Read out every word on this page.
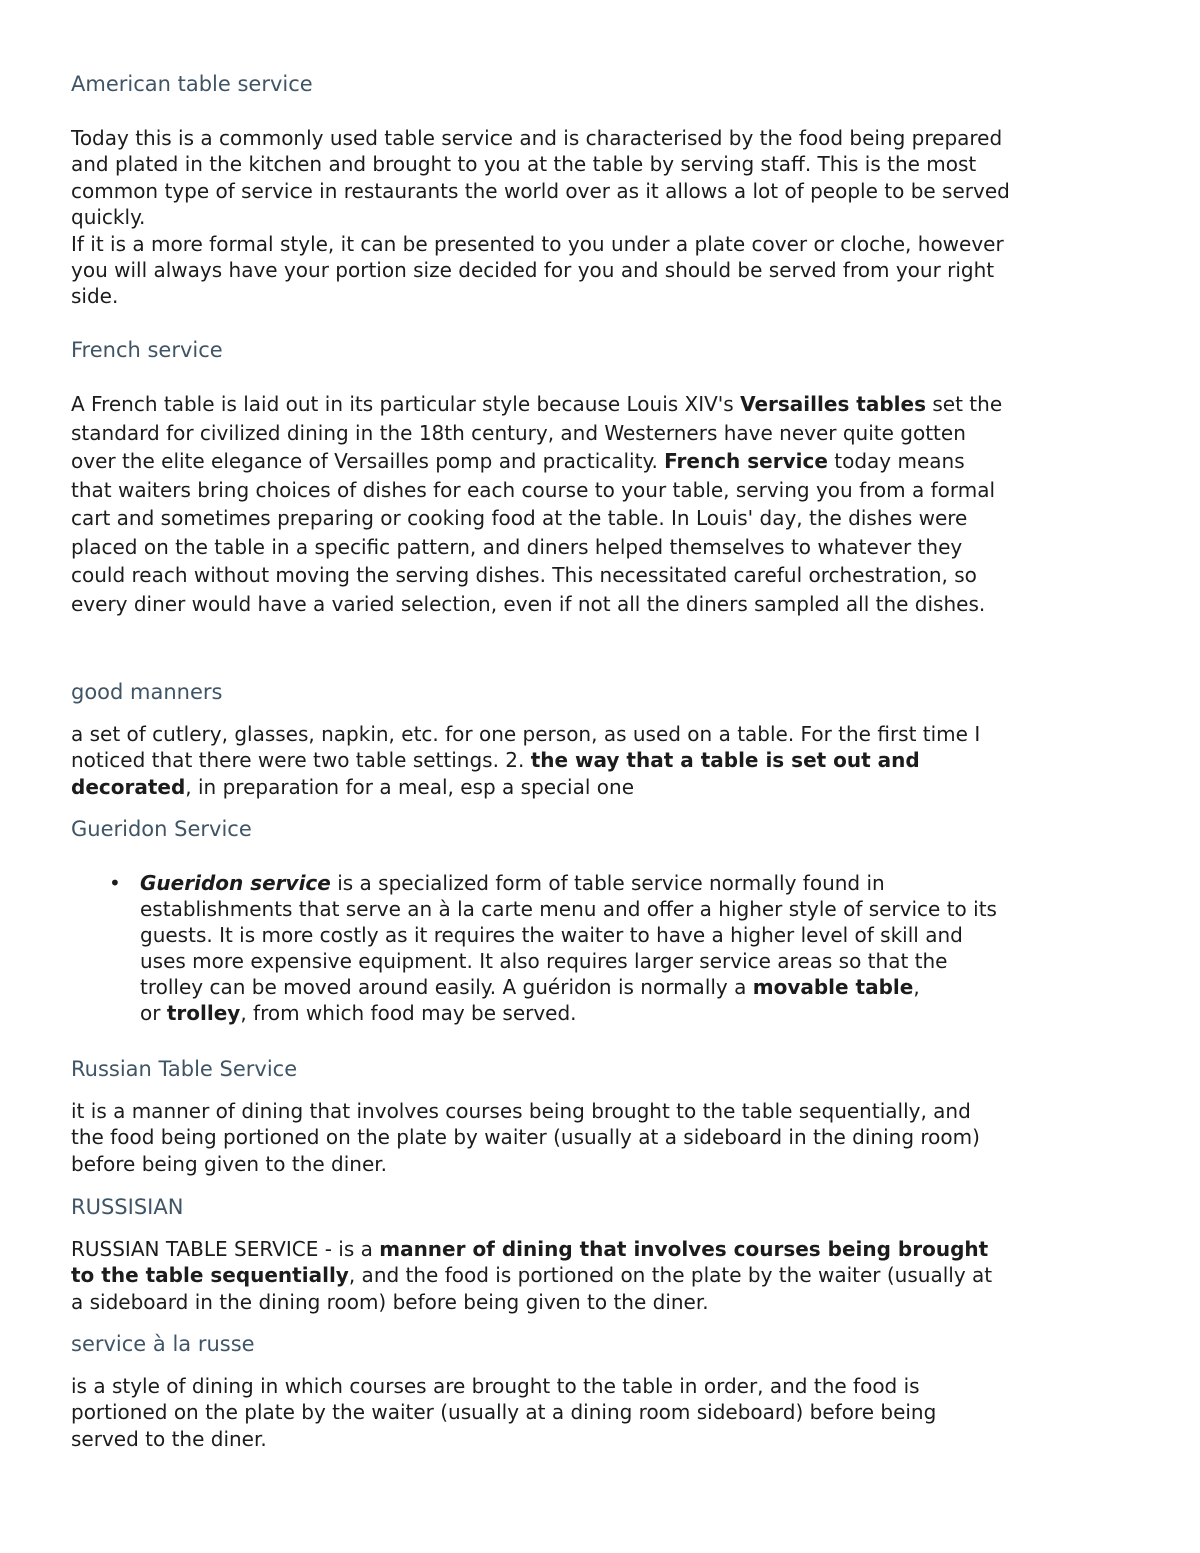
American table service
Today this is a commonly used table service and is characterised by the food being prepared
and plated in the kitchen and brought to you at the table by serving staff. This is the most
common type of service in restaurants the world over as it allows a lot of people to be served
quickly.
If it is a more formal style, it can be presented to you under a plate cover or cloche, however
you will always have your portion size decided for you and should be served from your right
side.
French service
A French table is laid out in its particular style because Louis XIV's Versailles tables set the
standard for civilized dining in the 18th century, and Westerners have never quite gotten
over the elite elegance of Versailles pomp and practicality. French service today means
that waiters bring choices of dishes for each course to your table, serving you from a formal
cart and sometimes preparing or cooking food at the table. In Louis' day, the dishes were
placed on the table in a specific pattern, and diners helped themselves to whatever they
could reach without moving the serving dishes. This necessitated careful orchestration, so
every diner would have a varied selection, even if not all the diners sampled all the dishes.
good manners
a set of cutlery, glasses, napkin, etc. for one person, as used on a table. For the first time I
noticed that there were two table settings. 2. the way that a table is set out and
decorated, in preparation for a meal, esp a special one
Gueridon Service
• Gueridon service is a specialized form of table service normally found in
establishments that serve an à la carte menu and offer a higher style of service to its
guests. It is more costly as it requires the waiter to have a higher level of skill and
uses more expensive equipment. It also requires larger service areas so that the
trolley can be moved around easily. A guéridon is normally a movable table,
or trolley, from which food may be served.
Russian Table Service
it is a manner of dining that involves courses being brought to the table sequentially, and
the food being portioned on the plate by waiter (usually at a sideboard in the dining room)
before being given to the diner.
RUSSISIAN
RUSSIAN TABLE SERVICE - is a manner of dining that involves courses being brought
to the table sequentially, and the food is portioned on the plate by the waiter (usually at
a sideboard in the dining room) before being given to the diner.
service à la russe
is a style of dining in which courses are brought to the table in order, and the food is
portioned on the plate by the waiter (usually at a dining room sideboard) before being
served to the diner.
